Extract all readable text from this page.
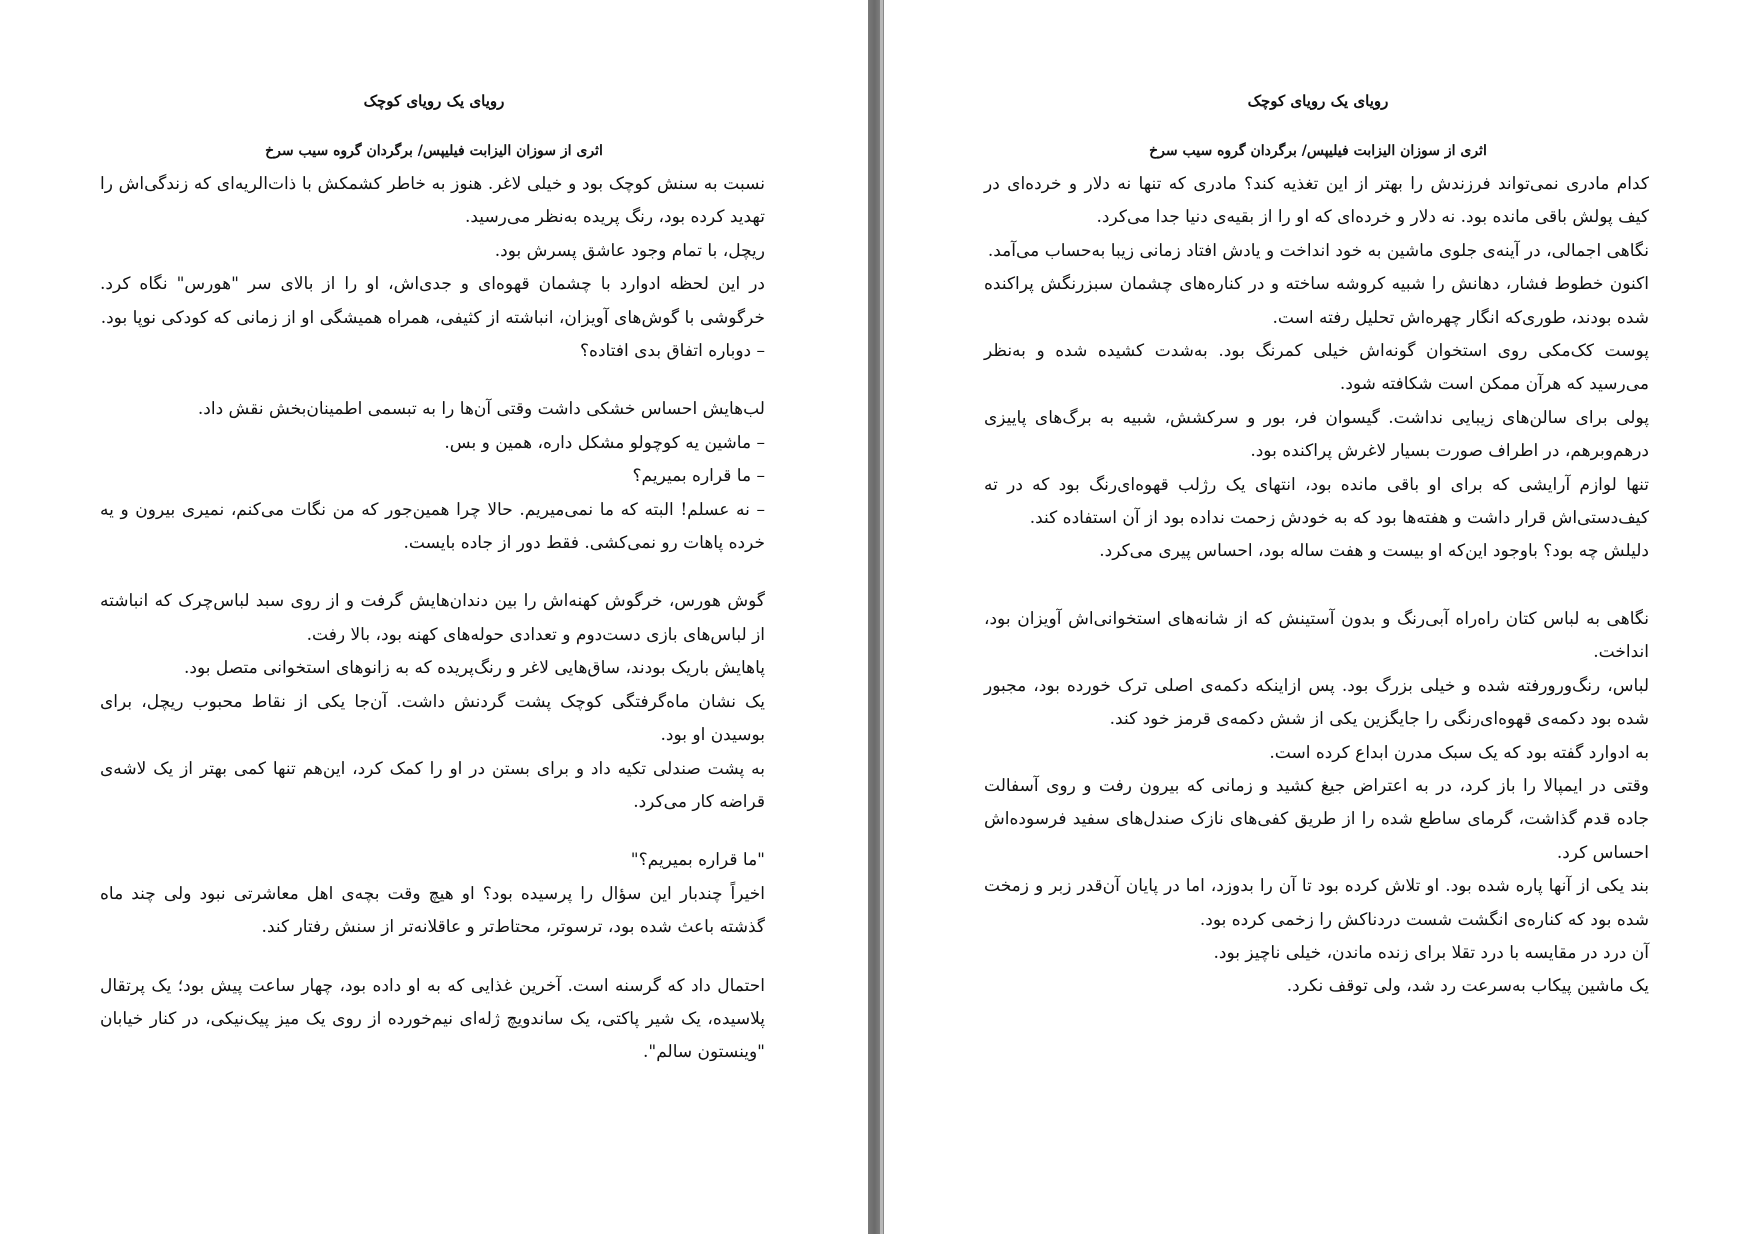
رویای یک رویای کوچک
اثری از سوزان الیزابت فیلیپس/ برگردان گروه سیب سرخ

نسبت به سنش کوچک بود و خیلی لاغر. هنوز به خاطر کشمکش با ذات‌الریه‌ای که زندگی‌اش را تهدید کرده بود، رنگ پریده به‌نظر می‌رسید.

ریچل، با تمام وجود عاشق پسرش بود.

در این لحظه ادوارد با چشمان قهوه‌ای و جدی‌اش، او را از بالای سر "هورس" نگاه کرد. خرگوشی با گوش‌های آویزان، انباشته از کثیفی، همراه همیشگی او از زمانی که کودکی نوپا بود.

– دوباره اتفاق بدی افتاده؟

لب‌هایش احساس خشکی داشت وقتی آن‌ها را به تبسمی اطمینان‌بخش نقش داد.

– ماشین یه کوچولو مشکل داره، همین و بس.

– ما قراره بمیریم؟

– نه عسلم! البته که ما نمی‌میریم. حالا چرا همین‌جور که من نگات می‌کنم، نمیری بیرون و یه خرده پاهات رو نمی‌کشی. فقط دور از جاده بایست.

گوش هورس، خرگوش کهنه‌اش را بین دندان‌هایش گرفت و از روی سبد لباس‌چرک که انباشته از لباس‌های بازی دست‌دوم و تعدادی حوله‌های کهنه بود، بالا رفت.

پاهایش باریک بودند، ساق‌هایی لاغر و رنگ‌پریده که به زانوهای استخوانی متصل بود.

یک نشان ماه‌گرفتگی کوچک پشت گردنش داشت. آن‌جا یکی از نقاط محبوب ریچل، برای بوسیدن او بود.

به پشت صندلی تکیه داد و برای بستن در او را کمک کرد، این‌هم تنها کمی بهتر از یک لاشه‌ی قراضه کار می‌کرد.

"ما قراره بمیریم؟"

اخیراً چندبار این سؤال را پرسیده بود؟ او هیچ وقت بچه‌ی اهل معاشرتی نبود ولی چند ماه گذشته باعث شده بود، ترسوتر، محتاط‌تر و عاقلانه‌تر از سنش رفتار کند.

احتمال داد که گرسنه است. آخرین غذایی که به او داده بود، چهار ساعت پیش بود؛ یک پرتقال پلاسیده، یک شیر پاکتی، یک ساندویچ ژله‌ای نیم‌خورده از روی یک میز پیک‌نیکی، در کنار خیابان "وینستون سالم".

رویای یک رویای کوچک
اثری از سوزان الیزابت فیلیپس/ برگردان گروه سیب سرخ

کدام مادری نمی‌تواند فرزندش را بهتر از این تغذیه کند؟ مادری که تنها نه دلار و خرده‌ای در کیف پولش باقی مانده بود. نه دلار و خرده‌ای که او را از بقیه‌ی دنیا جدا می‌کرد.

نگاهی اجمالی، در آینه‌ی جلوی ماشین به خود انداخت و یادش افتاد زمانی زیبا به‌حساب می‌آمد.

اکنون خطوط فشار، دهانش را شبیه کروشه ساخته و در کناره‌های چشمان سبزرنگش پراکنده شده بودند، طوری‌که انگار چهره‌اش تحلیل رفته است.

پوست کک‌مکی روی استخوان گونه‌اش خیلی کمرنگ بود. به‌شدت کشیده شده و به‌نظر می‌رسید که هرآن ممکن است شکافته شود.

پولی برای سالن‌های زیبایی نداشت. گیسوان فر، بور و سرکشش، شبیه به برگ‌های پاییزی درهم‌وبرهم، در اطراف صورت بسیار لاغرش پراکنده بود.

تنها لوازم آرایشی که برای او باقی مانده بود، انتهای یک رژلب قهوه‌ای‌رنگ بود که در ته کیف‌دستی‌اش قرار داشت و هفته‌ها بود که به خودش زحمت نداده بود از آن استفاده کند.

دلیلش چه بود؟ باوجود این‌که او بیست و هفت ساله بود، احساس پیری می‌کرد.

نگاهی به لباس کتان راه‌راه آبی‌رنگ و بدون آستینش که از شانه‌های استخوانی‌اش آویزان بود، انداخت.

لباس، رنگ‌ورورفته شده و خیلی بزرگ بود. پس ازاینکه دکمه‌ی اصلی ترک خورده بود، مجبور شده بود دکمه‌ی قهوه‌ای‌رنگی را جایگزین یکی از شش دکمه‌ی قرمز خود کند.

به ادوارد گفته بود که یک سبک مدرن ابداع کرده است.

وقتی در ایمپالا را باز کرد، در به اعتراض جیغ کشید و زمانی که بیرون رفت و روی آسفالت جاده قدم گذاشت، گرمای ساطع شده را از طریق کفی‌های نازک صندل‌های سفید فرسوده‌اش احساس کرد.

بند یکی از آنها پاره شده بود. او تلاش کرده بود تا آن را بدوزد، اما در پایان آن‌قدر زبر و زمخت شده بود که کناره‌ی انگشت شست دردناکش را زخمی کرده بود.

آن درد در مقایسه با درد تقلا برای زنده ماندن، خیلی ناچیز بود.

یک ماشین پیکاب به‌سرعت رد شد، ولی توقف نکرد.
